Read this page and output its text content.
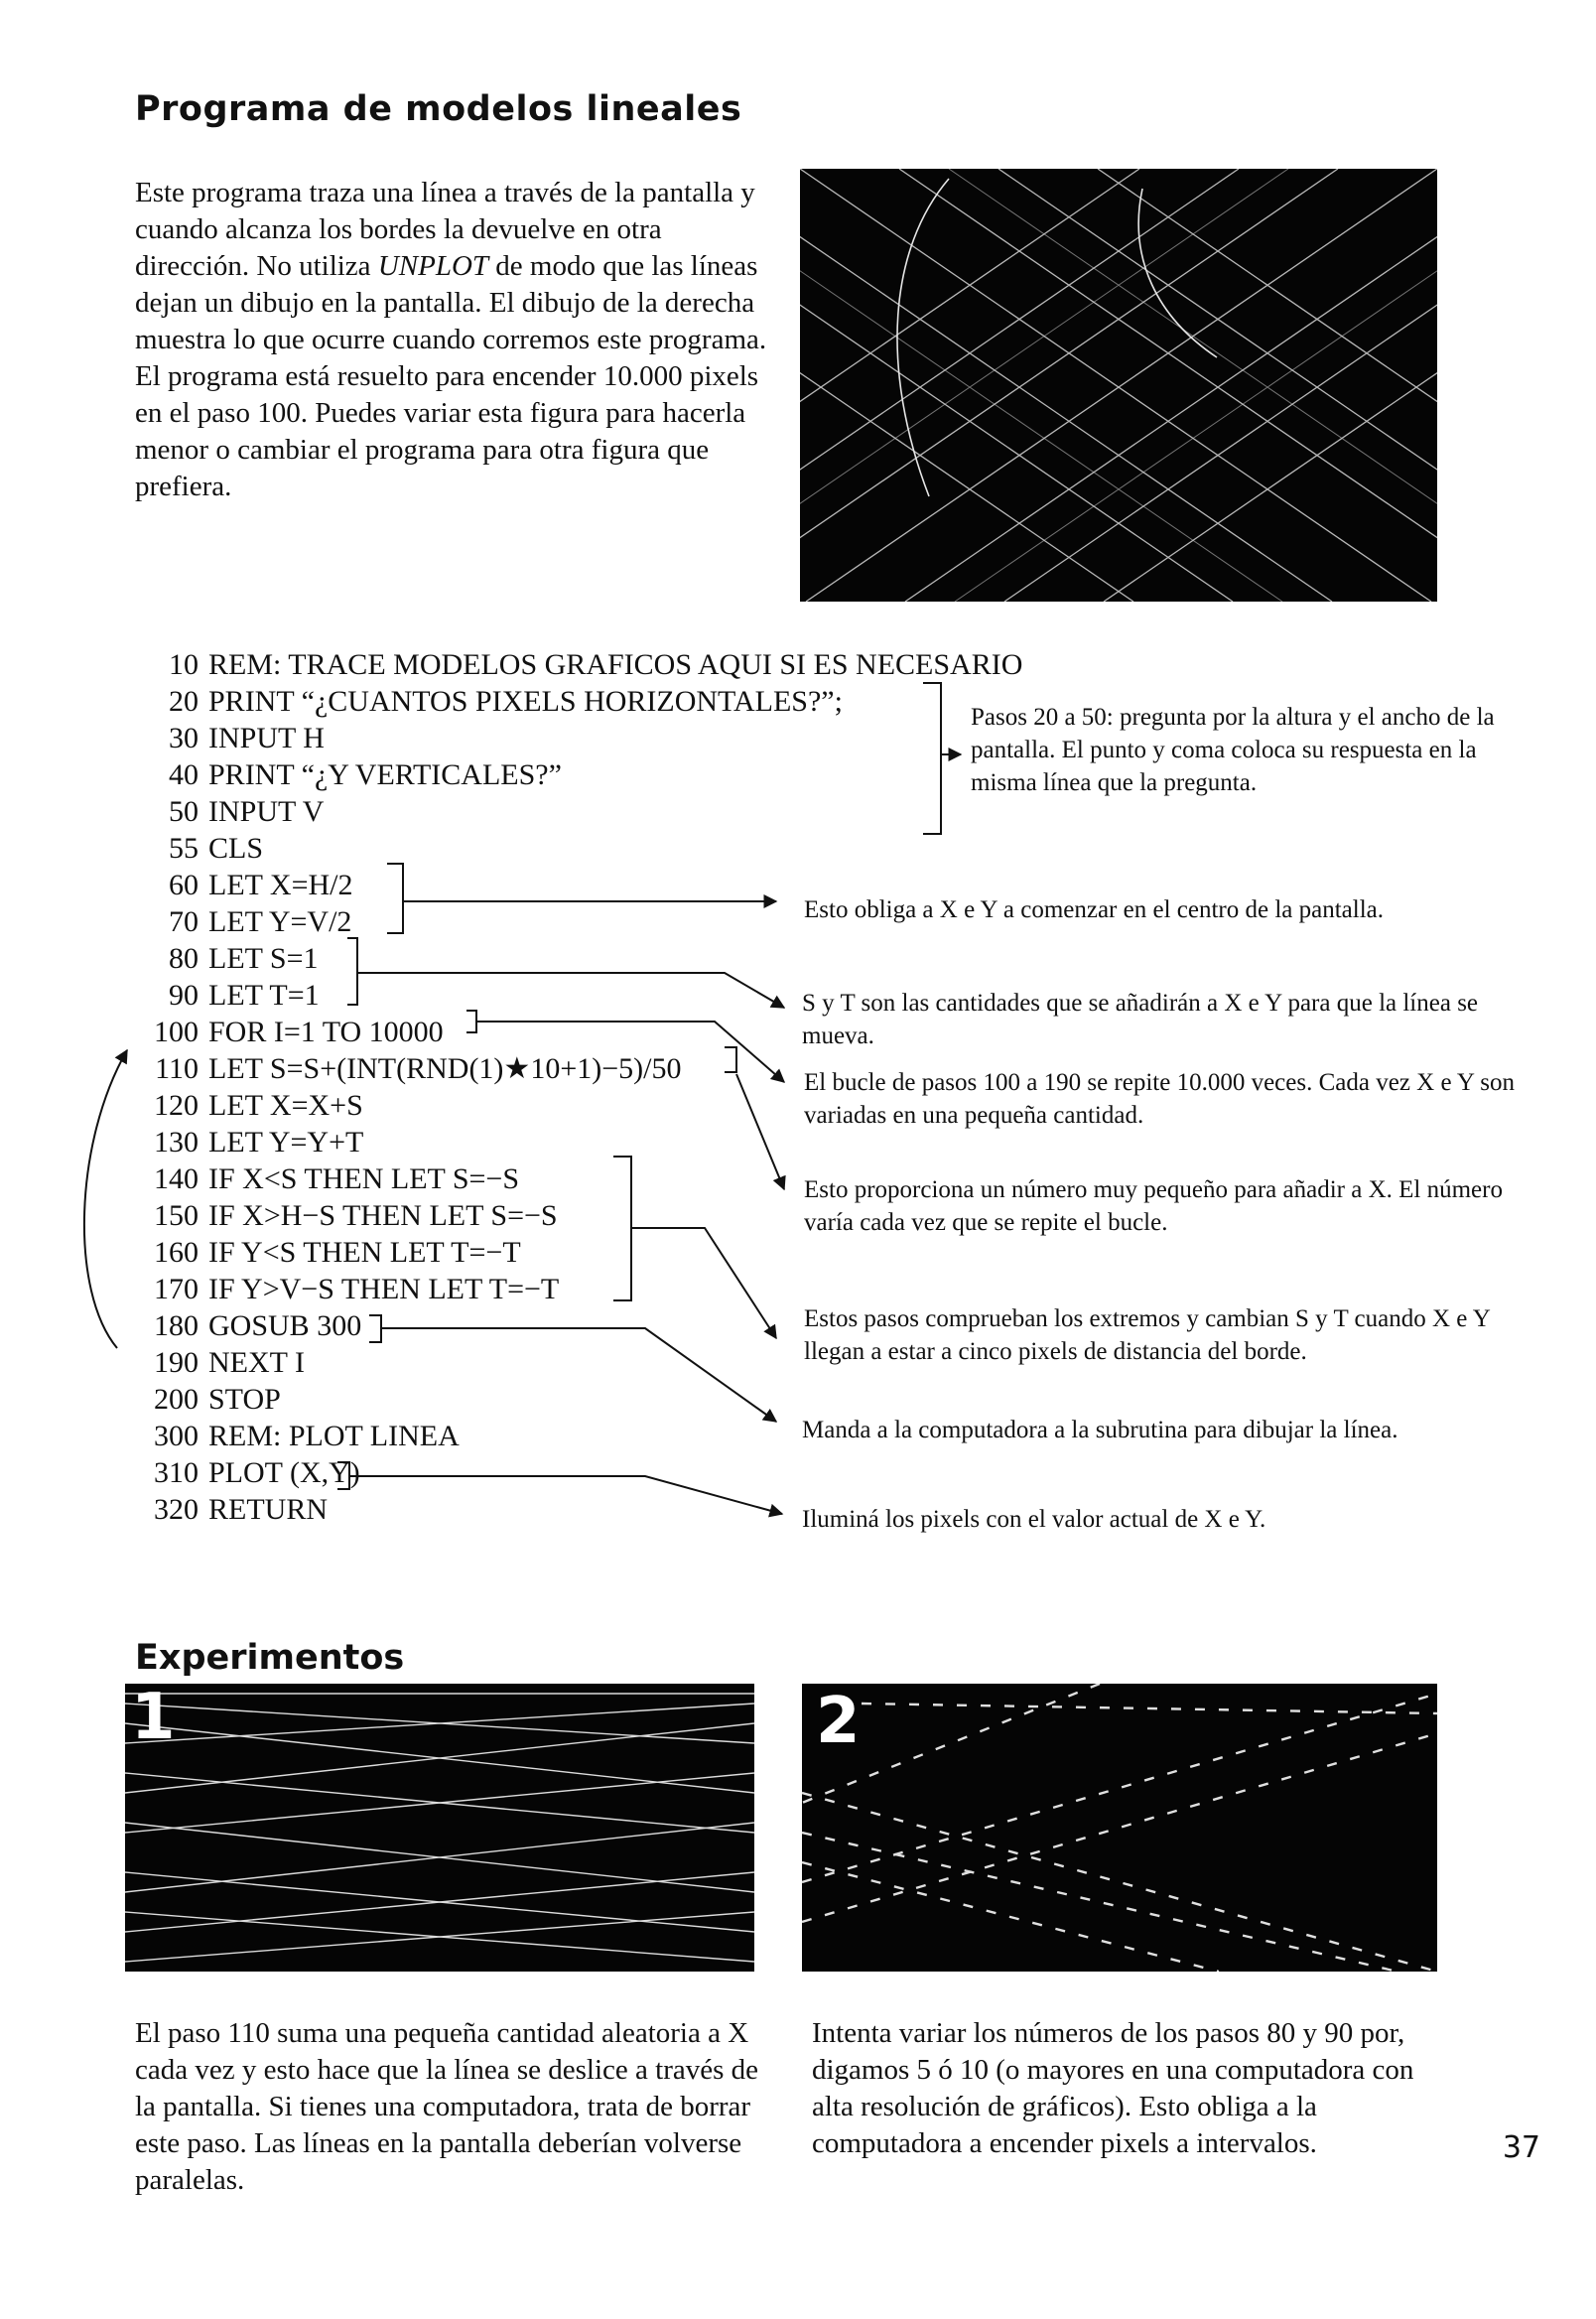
Programa de modelos lineales

Este programa traza una línea a través de la pantalla y cuando alcanza los bordes la devuelve en otra dirección. No utiliza UNPLOT de modo que las líneas dejan un dibujo en la pantalla. El dibujo de la derecha muestra lo que ocurre cuando corremos este programa. El programa está resuelto para encender 10.000 pixels en el paso 100. Puedes variar esta figura para hacerla menor o cambiar el programa para otra figura que prefiera.

10 REM: TRACE MODELOS GRAFICOS AQUI SI ES NECESARIO
20 PRINT “¿CUANTOS PIXELS HORIZONTALES?”;
30 INPUT H
40 PRINT “¿Y VERTICALES?”
50 INPUT V
55 CLS
60 LET X=H/2
70 LET Y=V/2
80 LET S=1
90 LET T=1
100 FOR I=1 TO 10000
110 LET S=S+(INT(RND(1)★10+1)−5)/50
120 LET X=X+S
130 LET Y=Y+T
140 IF X<S THEN LET S=−S
150 IF X>H−S THEN LET S=−S
160 IF Y<S THEN LET T=−T
170 IF Y>V−S THEN LET T=−T
180 GOSUB 300
190 NEXT I
200 STOP
300 REM: PLOT LINEA
310 PLOT (X,Y)
320 RETURN

Pasos 20 a 50: pregunta por la altura y el ancho de la pantalla. El punto y coma coloca su respuesta en la misma línea que la pregunta.

Esto obliga a X e Y a comenzar en el centro de la pantalla.

S y T son las cantidades que se añadirán a X e Y para que la línea se mueva.

El bucle de pasos 100 a 190 se repite 10.000 veces. Cada vez X e Y son variadas en una pequeña cantidad.

Esto proporciona un número muy pequeño para añadir a X. El número varía cada vez que se repite el bucle.

Estos pasos comprueban los extremos y cambian S y T cuando X e Y llegan a estar a cinco pixels de distancia del borde.

Manda a la computadora a la subrutina para dibujar la línea.

Iluminá los pixels con el valor actual de X e Y.

Experimentos
1	2

El paso 110 suma una pequeña cantidad aleatoria a X cada vez y esto hace que la línea se deslice a través de la pantalla. Si tienes una computadora, trata de borrar este paso. Las líneas en la pantalla deberían volverse paralelas.

Intenta variar los números de los pasos 80 y 90 por, digamos 5 ó 10 (o mayores en una computadora con alta resolución de gráficos). Esto obliga a la computadora a encender pixels a intervalos.	37
